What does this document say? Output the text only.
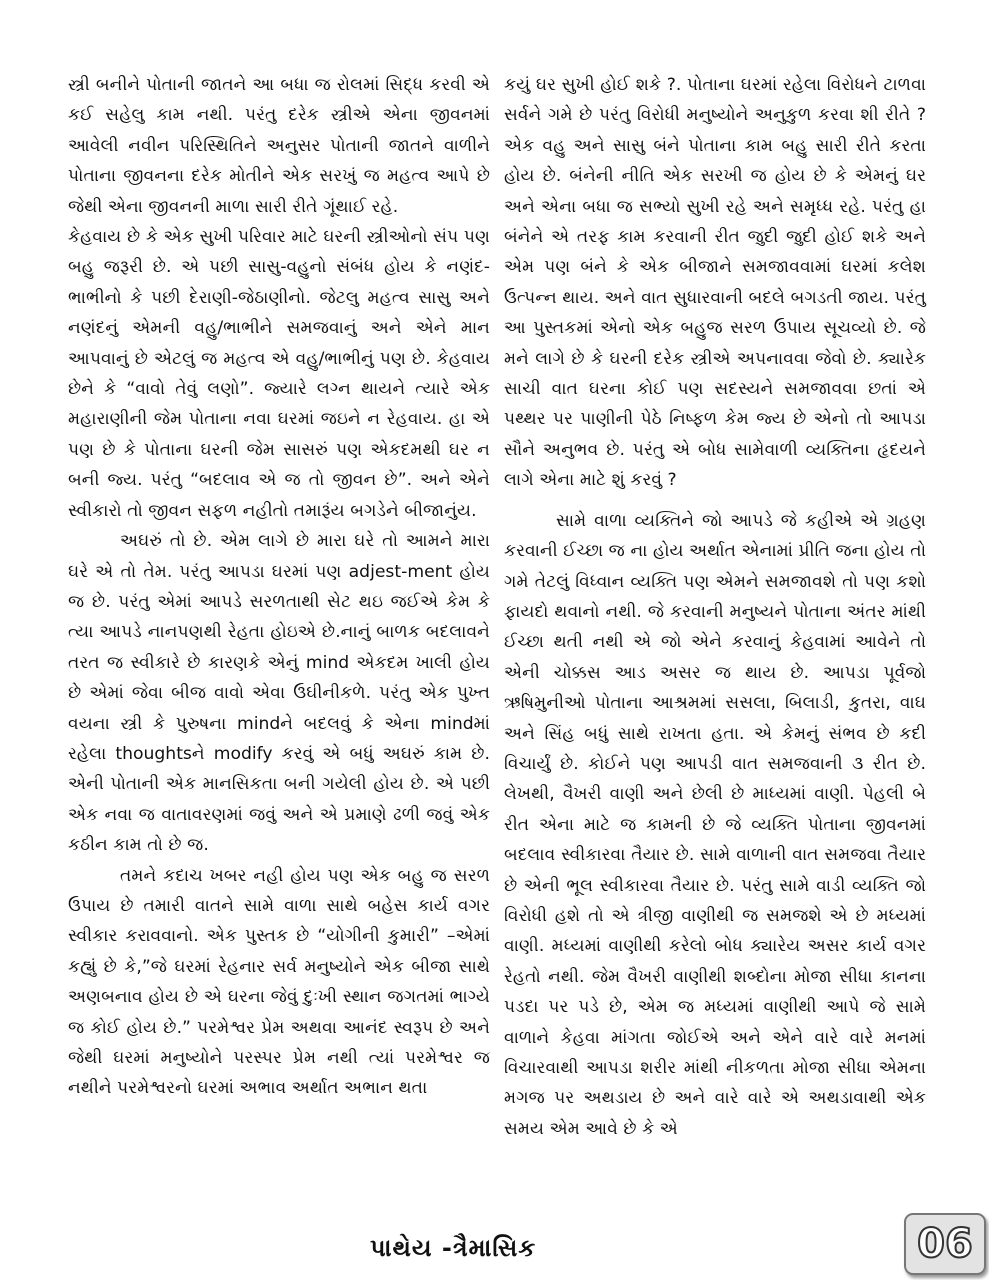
સ્ત્રી બનીને પોતાની જાતને આ બધા જ રોલમાં સિદ્ધ કરવી એ કઈ સહેલુ કામ નથી. પરંતુ દરેક સ્ત્રીએ એના જીવનમાં આવેલી નવીન પરિસ્થિતિને અનુસર પોતાની જાતને વાળીને પોતાના જીવનના દરેક મોતીને એક સરખું જ મહત્વ આપે છે જેથી એના જીવનની માળા સારી રીતે ગૂંથાઈ રહે.

કેહવાય છે કે એક સુખી પરિવાર માટે ઘરની સ્ત્રીઓનો સંપ પણ બહુ જરૂરી છે. એ પછી સાસુ-વહુનો સંબંધ હોય કે નણંદ-ભાભીનો કે પછી દેરાણી-જેઠાણીનો. જેટલુ મહત્વ સાસુ અને નણંદનું એમની વહુ/ભાભીને સમજવાનું અને એને માન આપવાનું છે એટલું જ મહત્વ એ વહુ/ભાભીનું પણ છે. કેહવાય છેને કે “વાવો તેવું લણો”. જ્યારે લગ્ન થાયને ત્યારે એક મહારાણીની જેમ પોતાના નવા ઘરમાં જઇને ન રેહવાય. હા એ પણ છે કે પોતાના ઘરની જેમ સાસરું પણ એકદમથી ઘર ન બની જ્ય. પરંતુ “બદલાવ એ જ તો જીવન છે”. અને એને સ્વીકારો તો જીવન સફળ નહીતો તમારૂંય બગડેને બીજાનુંય.

અઘરું તો છે. એમ લાગે છે મારા ઘરે તો આમને મારા ઘરે એ તો તેમ. પરંતુ આપડા ઘરમાં પણ adjest-ment હોય જ છે. પરંતુ એમાં આપડે સરળતાથી સેટ થઇ જઈએ કેમ કે ત્યા આપડે નાનપણથી રેહતા હોઇએ છે.નાનું બાળક બદલાવને તરત જ સ્વીકારે છે કારણકે એનું mind એકદમ ખાલી હોય છે એમાં જેવા બીજ વાવો એવા ઉઘીનીકળે. પરંતુ એક પુખ્ત વયના સ્ત્રી કે પુરુષના mindને બદલવું કે એના mindમાં રહેલા thoughtsને modify કરવું એ બધું અઘરું કામ છે. એની પોતાની એક માનસિકતા બની ગયેલી હોય છે. એ પછી એક નવા જ વાતાવરણમાં જવું અને એ પ્રમાણે ઢળી જવું એક કઠીન કામ તો છે જ.

તમને કદાચ ખબર નહી હોય પણ એક બહુ જ સરળ ઉપાય છે તમારી વાતને સામે વાળા સાથે બહેસ કાર્ય વગર સ્વીકાર કરાવવાનો. એક પુસ્તક છે “યોગીની કુમારી” –એમાં કહ્યું છે કે,”જે ઘરમાં રેહનાર સર્વ મનુષ્યોને એક બીજા સાથે અણબનાવ હોય છે એ ઘરના જેવું દુઃખી સ્થાન જગતમાં ભાગ્યે જ કોઈ હોય છે.” પરમેશ્વર પ્રેમ અથવા આનંદ સ્વરૂપ છે અને જેથી ઘરમાં મનુષ્યોને પરસ્પર પ્રેમ નથી ત્યાં પરમેશ્વર જ નથીને પરમેશ્વરનો ઘરમાં અભાવ અર્થાત અભાન થતા

કયું ઘર સુખી હોઈ શકે ?. પોતાના ઘરમાં રહેલા વિરોધને ટાળવા સર્વને ગમે છે પરંતુ વિરોધી મનુષ્યોને અનુકુળ કરવા શી રીતે ? એક વહુ અને સાસુ બંને પોતાના કામ બહુ સારી રીતે કરતા હોય છે. બંનેની નીતિ એક સરખી જ હોય છે કે એમનું ઘર અને એના બધા જ સભ્યો સુખી રહે અને સમૃધ્ધ રહે. પરંતુ હા બંનેને એ તરફ કામ કરવાની રીત જુદી જુદી હોઈ શકે અને એમ પણ બંને કે એક બીજાને સમજાવવામાં ઘરમાં કલેશ ઉત્પન્ન થાય. અને વાત સુધારવાની બદલે બગડતી જાય. પરંતુ આ પુસ્તકમાં એનો એક બહુજ સરળ ઉપાય સૂચવ્યો છે. જે મને લાગે છે કે ઘરની દરેક સ્ત્રીએ અપનાવવા જેવો છે. ક્યારેક સાચી વાત ઘરના કોઈ પણ સદસ્યને સમજાવવા છતાં એ પથ્થર પર પાણીની પેઠે નિષ્ફળ કેમ જ્ય છે એનો તો આપડા સૌને અનુભવ છે. પરંતુ એ બોધ સામેવાળી વ્યક્તિના હૃદયને લાગે એના માટે શું કરવું ?

સામે વાળા વ્યક્તિને જો આપડે જે કહીએ એ ગ્રહણ કરવાની ઈચ્છા જ ના હોય અર્થાત એનામાં પ્રીતિ જના હોય તો ગમે તેટલું વિધ્વાન વ્યક્તિ પણ એમને સમજાવશે તો પણ કશો ફાયદો થવાનો નથી. જે કરવાની મનુષ્યને પોતાના અંતર માંથી ઈચ્છા થતી નથી એ જો એને કરવાનું કેહવામાં આવેને તો એની ચોક્કસ આડ અસર જ થાય છે. આપડા પૂર્વજો ઋષિમુનીઓ પોતાના આશ્રમમાં સસલા, બિલાડી, કુતરા, વાઘ અને સિંહ બધું સાથે રાખતા હતા. એ કેમનું સંભવ છે કદી વિચાર્યું છે. કોઈને પણ આપડી વાત સમજવાની ૩ રીત છે. લેખથી, વૈખરી વાણી અને છેલી છે માધ્યમાં વાણી. પેહલી બે રીત એના માટે જ કામની છે જે વ્યક્તિ પોતાના જીવનમાં બદલાવ સ્વીકારવા તૈયાર છે. સામે વાળાની વાત સમજવા તૈયાર છે એની ભૂલ સ્વીકારવા તૈયાર છે. પરંતુ સામે વાડી વ્યક્તિ જો વિરોધી હશે તો એ ત્રીજી વાણીથી જ સમજશે એ છે મધ્યમાં વાણી. મધ્યમાં વાણીથી કરેલો બોધ ક્યારેય અસર કાર્ય વગર રેહતો નથી. જેમ વૈખરી વાણીથી શબ્દોના મોજા સીધા કાનના પડદા પર પડે છે, એમ જ મધ્યમાં વાણીથી આપે જે સામે વાળાને કેહવા માંગતા જોઈએ અને એને વારે વારે મનમાં વિચારવાથી આપડા શરીર માંથી નીકળતા મોજા સીધા એમના મગજ પર અથડાય છે અને વારે વારે એ અથડાવાથી એક સમય એમ આવે છે કે એ

પાથેય -ત્રૈમાસિક	06
